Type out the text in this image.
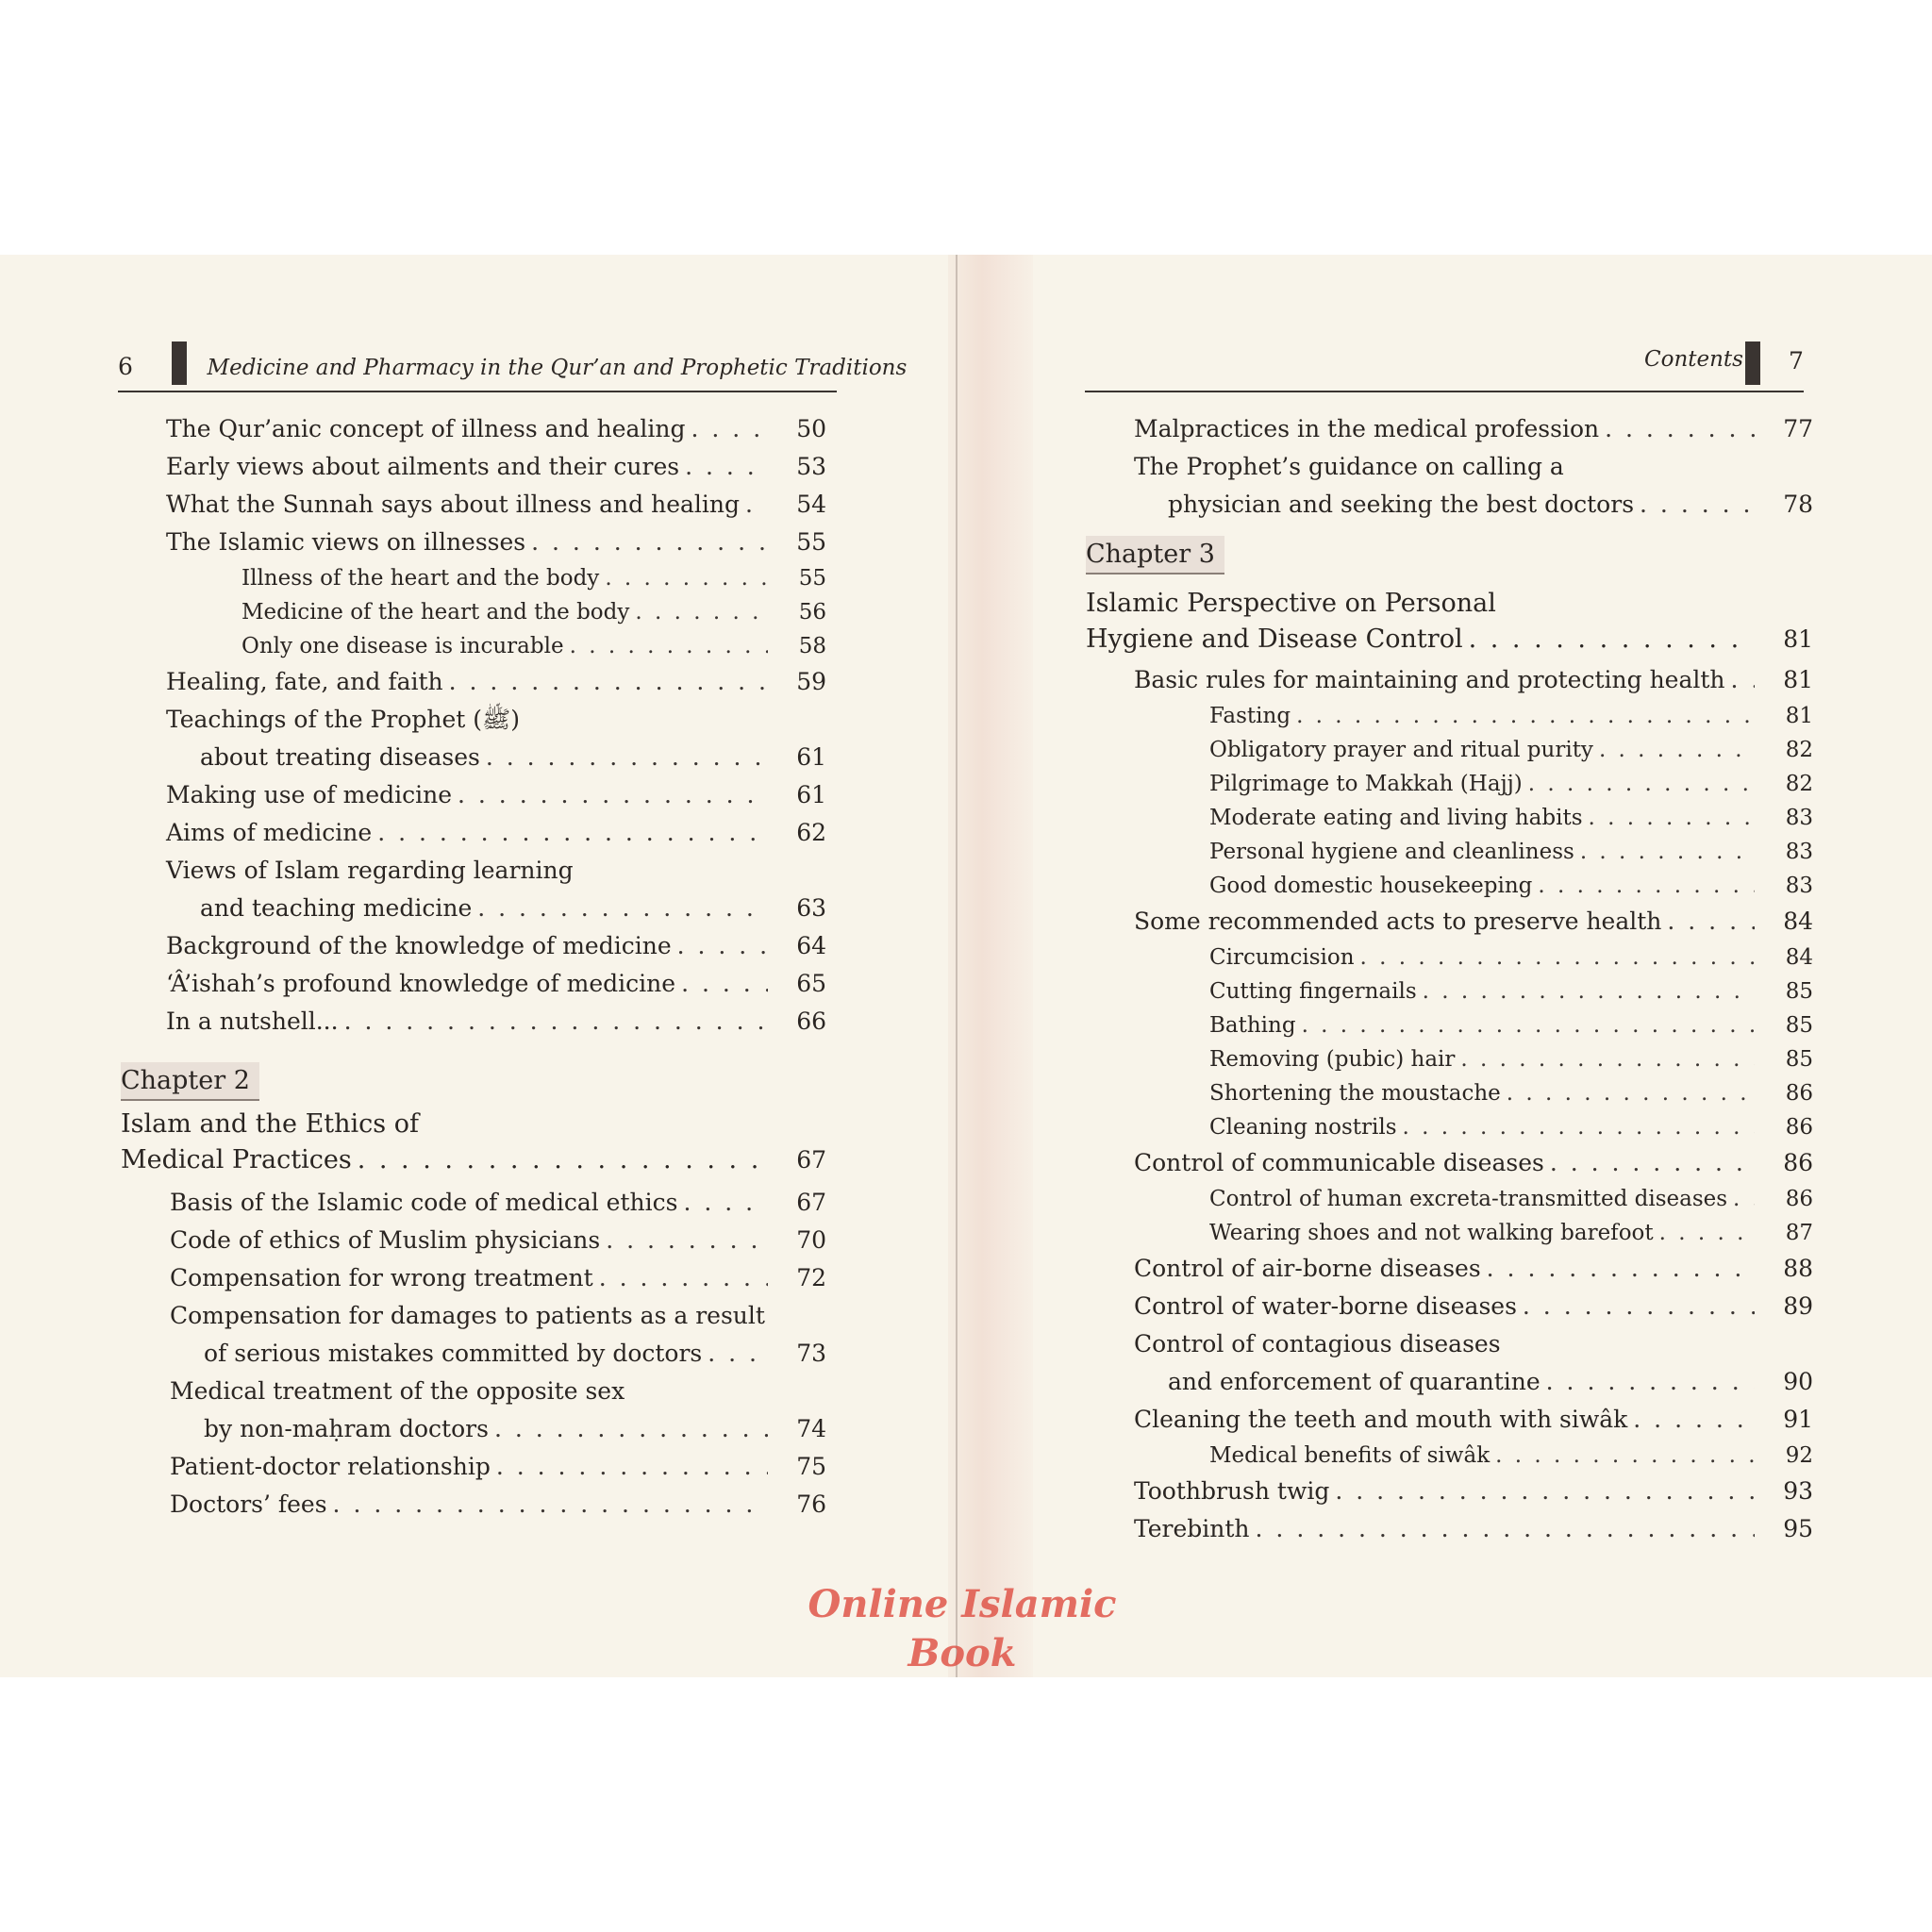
6	Medicine and Pharmacy in the Qur’an and Prophetic Traditions
The Qur’anic concept of illness and healing . . .	50
Early views about ailments and their cures . . .	53
What the Sunnah says about illness and healing . . .	54
The Islamic views on illnesses . . .	55
Illness of the heart and the body . . .	55
Medicine of the heart and the body . . .	56
Only one disease is incurable . . .	58
Healing, fate, and faith . . .	59
Teachings of the Prophet (ﷺ)
about treating diseases . . .	61
Making use of medicine . . .	61
Aims of medicine . . .	62
Views of Islam regarding learning
and teaching medicine . . .	63
Background of the knowledge of medicine . . .	64
‘Â’ishah’s profound knowledge of medicine . . .	65
In a nutshell... . . .	66
Chapter 2
Islam and the Ethics of
Medical Practices . . .	67
Basis of the Islamic code of medical ethics . . .	67
Code of ethics of Muslim physicians . . .	70
Compensation for wrong treatment . . .	72
Compensation for damages to patients as a result
of serious mistakes committed by doctors . . .	73
Medical treatment of the opposite sex
by non-maḥram doctors . . .	74
Patient-doctor relationship . . .	75
Doctors’ fees . . .	76
Contents 7
Malpractices in the medical profession . . .	77
The Prophet’s guidance on calling a
physician and seeking the best doctors . . .	78
Chapter 3
Islamic Perspective on Personal
Hygiene and Disease Control . . .	81
Basic rules for maintaining and protecting health . . .	81
Fasting . . .	81
Obligatory prayer and ritual purity . . .	82
Pilgrimage to Makkah (Hajj) . . .	82
Moderate eating and living habits . . .	83
Personal hygiene and cleanliness . . .	83
Good domestic housekeeping . . .	83
Some recommended acts to preserve health . . .	84
Circumcision . . .	84
Cutting fingernails . . .	85
Bathing . . .	85
Removing (pubic) hair . . .	85
Shortening the moustache . . .	86
Cleaning nostrils . . .	86
Control of communicable diseases . . .	86
Control of human excreta-transmitted diseases . . .	86
Wearing shoes and not walking barefoot . . .	87
Control of air-borne diseases . . .	88
Control of water-borne diseases . . .	89
Control of contagious diseases
and enforcement of quarantine . . .	90
Cleaning the teeth and mouth with siwâk . . .	91
Medical benefits of siwâk . . .	92
Toothbrush twig . . .	93
Terebinth . . .	95
Online Islamic
Book
